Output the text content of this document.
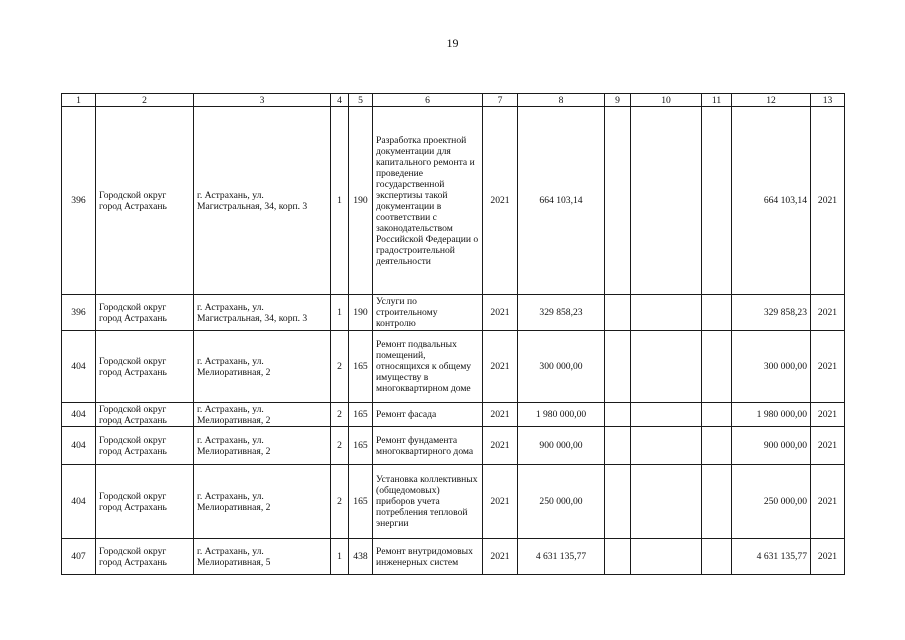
19
1	2	3	4	5	6	7	8	9	10	11	12	13
396	Городской округ город Астрахань	г. Астрахань, ул. Магистральная, 34, корп. 3	1	190	Разработка проектной документации для капитального ремонта и проведение государственной экспертизы такой документации в соответствии с законодательством Российской Федерации о градостроительной деятельности	2021	664 103,14				664 103,14	2021
396	Городской округ город Астрахань	г. Астрахань, ул. Магистральная, 34, корп. 3	1	190	Услуги по строительному контролю	2021	329 858,23				329 858,23	2021
404	Городской округ город Астрахань	г. Астрахань, ул. Мелиоративная, 2	2	165	Ремонт подвальных помещений, относящихся к общему имуществу в многоквартирном доме	2021	300 000,00				300 000,00	2021
404	Городской округ город Астрахань	г. Астрахань, ул. Мелиоративная, 2	2	165	Ремонт фасада	2021	1 980 000,00				1 980 000,00	2021
404	Городской округ город Астрахань	г. Астрахань, ул. Мелиоративная, 2	2	165	Ремонт фундамента многоквартирного дома	2021	900 000,00				900 000,00	2021
404	Городской округ город Астрахань	г. Астрахань, ул. Мелиоративная, 2	2	165	Установка коллективных (общедомовых) приборов учета потребления тепловой энергии	2021	250 000,00				250 000,00	2021
407	Городской округ город Астрахань	г. Астрахань, ул. Мелиоративная, 5	1	438	Ремонт внутридомовых инженерных систем	2021	4 631 135,77				4 631 135,77	2021
